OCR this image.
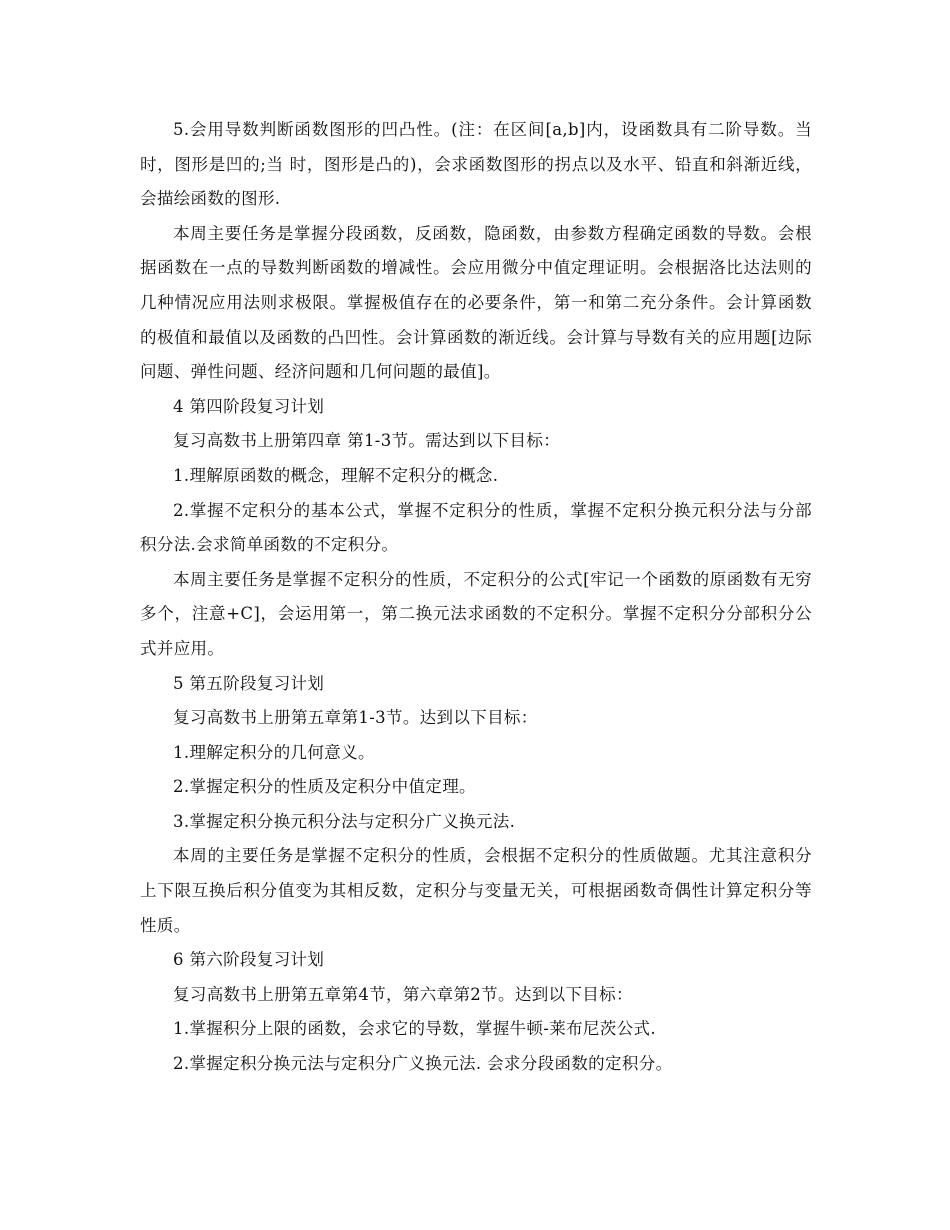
5.会用导数判断函数图形的凹凸性。(注：在区间[a,b]内，设函数具有二阶导数。当 时，图形是凹的;当 时，图形是凸的)，会求函数图形的拐点以及水平、铅直和斜渐近线，会描绘函数的图形.

本周主要任务是掌握分段函数，反函数，隐函数，由参数方程确定函数的导数。会根据函数在一点的导数判断函数的增减性。会应用微分中值定理证明。会根据洛比达法则的几种情况应用法则求极限。掌握极值存在的必要条件，第一和第二充分条件。会计算函数的极值和最值以及函数的凸凹性。会计算函数的渐近线。会计算与导数有关的应用题[边际问题、弹性问题、经济问题和几何问题的最值]。

4 第四阶段复习计划

复习高数书上册第四章 第1-3节。需达到以下目标：

1.理解原函数的概念，理解不定积分的概念.

2.掌握不定积分的基本公式，掌握不定积分的性质，掌握不定积分换元积分法与分部积分法.会求简单函数的不定积分。

本周主要任务是掌握不定积分的性质，不定积分的公式[牢记一个函数的原函数有无穷多个，注意+C]，会运用第一，第二换元法求函数的不定积分。掌握不定积分分部积分公式并应用。

5 第五阶段复习计划

复习高数书上册第五章第1-3节。达到以下目标：

1.理解定积分的几何意义。

2.掌握定积分的性质及定积分中值定理。

3.掌握定积分换元积分法与定积分广义换元法.

本周的主要任务是掌握不定积分的性质，会根据不定积分的性质做题。尤其注意积分上下限互换后积分值变为其相反数，定积分与变量无关，可根据函数奇偶性计算定积分等性质。

6 第六阶段复习计划

复习高数书上册第五章第4节，第六章第2节。达到以下目标：

1.掌握积分上限的函数，会求它的导数，掌握牛顿-莱布尼茨公式.

2.掌握定积分换元法与定积分广义换元法. 会求分段函数的定积分。
